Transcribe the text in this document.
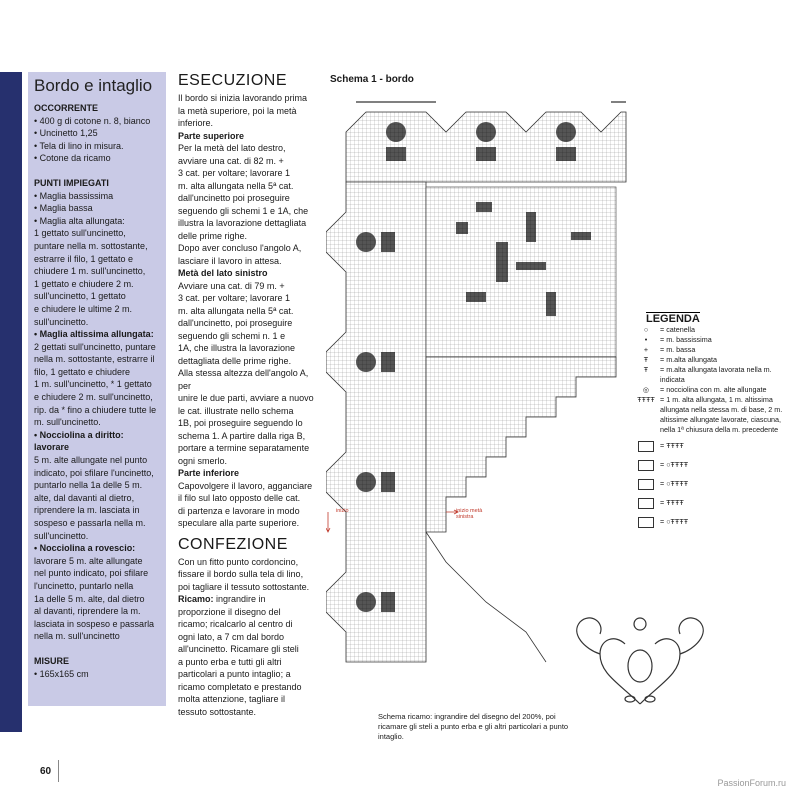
Bordo e intaglio
OCCORRENTE
• 400 g di cotone n. 8, bianco
• Uncinetto 1,25
• Tela di lino in misura.
• Cotone da ricamo
PUNTI IMPIEGATI
• Maglia bassissima
• Maglia bassa
• Maglia alta allungata:
1 gettato sull'uncinetto,
puntare nella m. sottostante,
estrarre il filo, 1 gettato e
chiudere 1 m. sull'uncinetto,
1 gettato e chiudere 2 m.
sull'uncinetto, 1 gettato
e chiudere le ultime 2 m.
sull'uncinetto.
• Maglia altissima allungata:
2 gettati sull'uncinetto, puntare
nella m. sottostante, estrarre il
filo, 1 gettato e chiudere
1 m. sull'uncinetto, * 1 gettato
e chiudere 2 m. sull'uncinetto,
rip. da * fino a chiudere tutte le
m. sull'uncinetto.
• Nocciolina a diritto: lavorare
5 m. alte allungate nel punto
indicato, poi sfilare l'uncinetto,
puntarlo nella 1a delle 5 m.
alte, dal davanti al dietro,
riprendere la m. lasciata in
sospeso e passarla nella m.
sull'uncinetto.
• Nocciolina a rovescio:
lavorare 5 m. alte allungate
nel punto indicato, poi sfilare
l'uncinetto, puntarlo nella
1a delle 5 m. alte, dal dietro
al davanti, riprendere la m.
lasciata in sospeso e passarla
nella m. sull'uncinetto
MISURE
• 165x165 cm
ESECUZIONE
Il bordo si inizia lavorando prima
la metà superiore, poi la metà
inferiore.
Parte superiore
Per la metà del lato destro,
avviare una cat. di 82 m. +
3 cat. per voltare; lavorare 1
m. alta allungata nella 5ª cat.
dall'uncinetto poi proseguire
seguendo gli schemi 1 e 1A, che
illustra la lavorazione dettagliata
delle prime righe.
Dopo aver concluso l'angolo A,
lasciare il lavoro in attesa.
Metà del lato sinistro
Avviare una cat. di 79 m. +
3 cat. per voltare; lavorare 1
m. alta allungata nella 5ª cat.
dall'uncinetto, poi proseguire
seguendo gli schemi n. 1 e
1A, che illustra la lavorazione
dettagliata delle prime righe.
Alla stessa altezza dell'angolo A, per
unire le due parti, avviare a nuovo
le cat. illustrate nello schema
1B, poi proseguire seguendo lo
schema 1. A partire dalla riga B,
portare a termine separatamente
ogni smerlo.
Parte inferiore
Capovolgere il lavoro, agganciare
il filo sul lato opposto delle cat.
di partenza e lavorare in modo
speculare alla parte superiore.
CONFEZIONE
Con un fitto punto cordoncino,
fissare il bordo sulla tela di lino,
poi tagliare il tessuto sottostante.
Ricamo: ingrandire in
proporzione il disegno del
ricamo; ricalcarlo al centro di
ogni lato, a 7 cm dal bordo
all'uncinetto. Ricamare gli steli
a punto erba e tutti gli altri
particolari a punto intaglio; a
ricamo completato e prestando
molta attenzione, tagliare il
tessuto sottostante.
Schema 1 - bordo
inizio	inizio metà sinistra
LEGENDA
○	= catenella
•	= m. bassissima
+	= m. bassa
Ŧ	= m.alta allungata
Ŧ	= m.alta allungata lavorata nella m. indicata
◎	= nocciolina con m. alte allungate
ŦŦŦŦ = 1 m. alta allungata, 1 m. altissima allungata nella stessa m. di base, 2 m. altissime allungate lavorate, ciascuna, nella 1ª chiusura della m. precedente
= ŦŦŦŦ
= ○ŦŦŦŦ
= ○ŦŦŦŦ
= ŦŦŦŦ
= ○ŦŦŦŦ
Schema ricamo: ingrandire del disegno del 200%, poi ricamare gli steli a punto erba e gli altri particolari a punto intaglio.
60
PassionForum.ru
